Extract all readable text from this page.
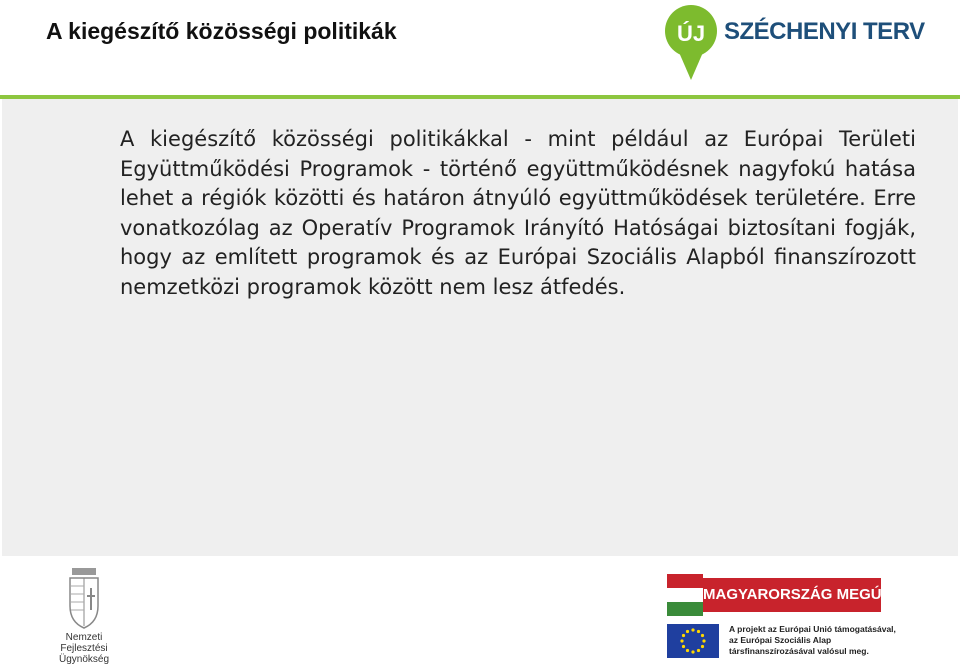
A kiegészítő közösségi politikák	ÚJ SZÉCHENYI TERV

A kiegészítő közösségi politikákkal - mint például az Európai Területi Együttműködési Programok - történő együttműködésnek nagyfokú hatása lehet a régiók közötti és határon átnyúló együttműködések területére. Erre vonatkozólag az Operatív Programok Irányító Hatóságai biztosítani fogják, hogy az említett programok és az Európai Szociális Alapból finanszírozott nemzetközi programok között nem lesz átfedés.

Nemzeti
Fejlesztési Ügynökség
MAGYARORSZÁG MEGÚJUL
A projekt az Európai Unió támogatásával,
az Európai Szociális Alap
társfinanszírozásával valósul meg.
